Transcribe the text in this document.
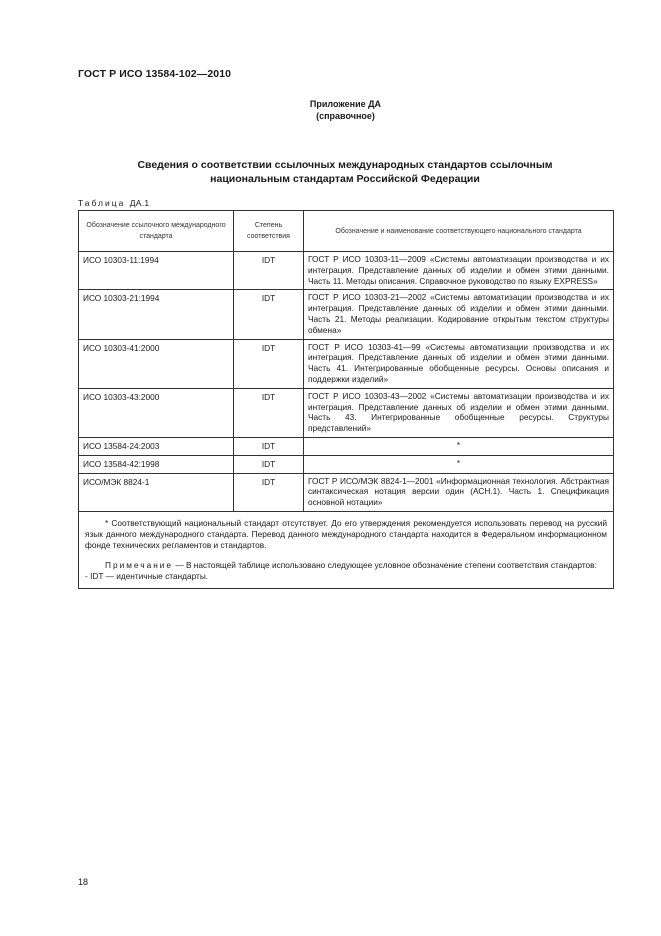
ГОСТ Р ИСО 13584-102—2010
Приложение ДА
(справочное)
Сведения о соответствии ссылочных международных стандартов ссылочным национальным стандартам Российской Федерации
Таблица ДА.1
Обозначение ссылочного международного стандарта	Степень соответствия	Обозначение и наименование соответствующего национального стандарта
ИСО 10303-11:1994	IDT	ГОСТ Р ИСО 10303-11—2009 «Системы автоматизации производства и их интеграция. Представление данных об изделии и обмен этими данными. Часть 11. Методы описания. Справочное руководство по языку EXPRESS»
ИСО 10303-21:1994	IDT	ГОСТ Р ИСО 10303-21—2002 «Системы автоматизации производства и их интеграция. Представление данных об изделии и обмен этими данными. Часть 21. Методы реализации. Кодирование открытым текстом структуры обмена»
ИСО 10303-41:2000	IDT	ГОСТ Р ИСО 10303-41—99 «Системы автоматизации производства и их интеграция. Представление данных об изделии и обмен этими данными. Часть 41. Интегрированные обобщенные ресурсы. Основы описания и поддержки изделий»
ИСО 10303-43:2000	IDT	ГОСТ Р ИСО 10303-43—2002 «Системы автоматизации производства и их интеграция. Представление данных об изделии и обмен этими данными. Часть 43. Интегрированные обобщенные ресурсы. Структуры представлений»
ИСО 13584-24:2003	IDT	*
ИСО 13584-42:1998	IDT	*
ИСО/МЭК 8824-1	IDT	ГОСТ Р ИСО/МЭК 8824-1—2001 «Информационная технология. Абстрактная синтаксическая нотация версии один (АСН.1). Часть 1. Спецификация основной нотации»

* Соответствующий национальный стандарт отсутствует. До его утверждения рекомендуется использовать перевод на русский язык данного международного стандарта. Перевод данного международного стандарта находится в Федеральном информационном фонде технических регламентов и стандартов.

Примечание — В настоящей таблице использовано следующее условное обозначение степени соответствия стандартов:

- IDT — идентичные стандарты.		
18
